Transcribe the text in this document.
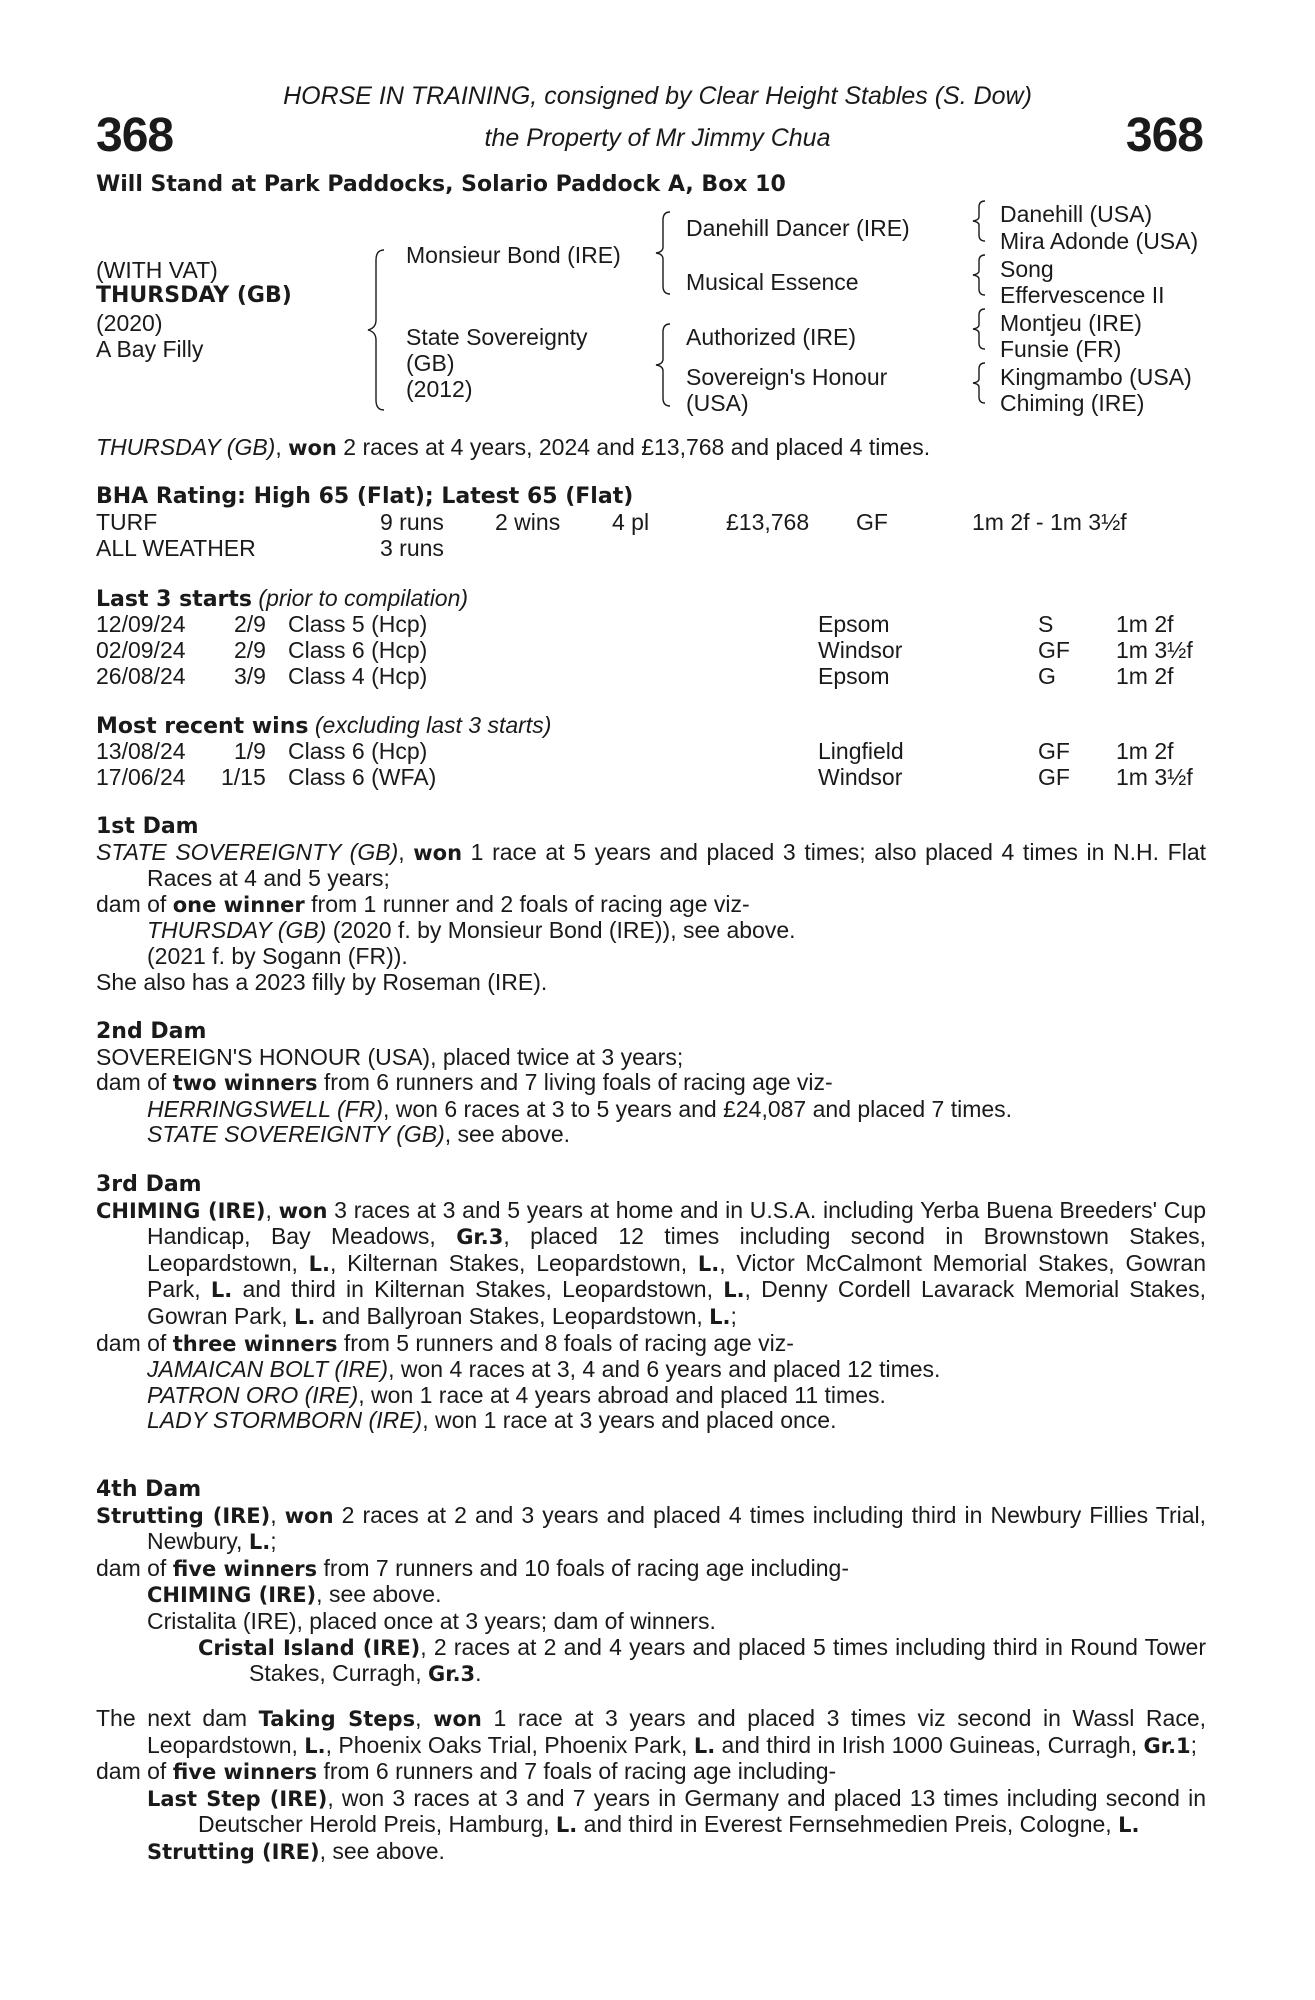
368	368
HORSE IN TRAINING, consigned by Clear Height Stables (S. Dow)
the Property of Mr Jimmy Chua
Will Stand at Park Paddocks, Solario Paddock A, Box 10
(WITH VAT)
THURSDAY (GB)
(2020)
A Bay Filly
Monsieur Bond (IRE)
State Sovereignty
(GB)
(2012)
Danehill Dancer (IRE)
Musical Essence
Authorized (IRE)
Sovereign's Honour
(USA)
Danehill (USA)
Mira Adonde (USA)
Song
Effervescence II
Montjeu (IRE)
Funsie (FR)
Kingmambo (USA)
Chiming (IRE)
THURSDAY (GB), won 2 races at 4 years, 2024 and £13,768 and placed 4 times.
BHA Rating: High 65 (Flat); Latest 65 (Flat)
TURF	9 runs 2 wins 4 pl	£13,768 GF	1m 2f - 1m 3½f
ALL WEATHER	3 runs
Last 3 starts (prior to compilation)
12/09/24 2/9 Class 5 (Hcp)	Epsom	S	1m 2f
02/09/24 2/9 Class 6 (Hcp)	Windsor	GF 1m 3½f
26/08/24 3/9 Class 4 (Hcp)	Epsom	G	1m 2f
Most recent wins (excluding last 3 starts)
13/08/24 1/9 Class 6 (Hcp)	Lingfield	GF 1m 2f
17/06/24 1/15 Class 6 (WFA)	Windsor	GF 1m 3½f

1st Dam

STATE SOVEREIGNTY (GB), won 1 race at 5 years and placed 3 times; also placed 4 times in N.H. Flat Races at 4 and 5 years;

dam of one winner from 1 runner and 2 foals of racing age viz-

THURSDAY (GB) (2020 f. by Monsieur Bond (IRE)), see above.

(2021 f. by Sogann (FR)).

She also has a 2023 filly by Roseman (IRE).

2nd Dam

SOVEREIGN'S HONOUR (USA), placed twice at 3 years;

dam of two winners from 6 runners and 7 living foals of racing age viz-

HERRINGSWELL (FR), won 6 races at 3 to 5 years and £24,087 and placed 7 times.

STATE SOVEREIGNTY (GB), see above.

3rd Dam

CHIMING (IRE), won 3 races at 3 and 5 years at home and in U.S.A. including Yerba Buena Breeders' Cup Handicap, Bay Meadows, Gr.3, placed 12 times including second in Brownstown Stakes, Leopardstown, L., Kilternan Stakes, Leopardstown, L., Victor McCalmont Memorial Stakes, Gowran Park, L. and third in Kilternan Stakes, Leopardstown, L., Denny Cordell Lavarack Memorial Stakes, Gowran Park, L. and Ballyroan Stakes, Leopardstown, L.;

dam of three winners from 5 runners and 8 foals of racing age viz-

JAMAICAN BOLT (IRE), won 4 races at 3, 4 and 6 years and placed 12 times.

PATRON ORO (IRE), won 1 race at 4 years abroad and placed 11 times.

LADY STORMBORN (IRE), won 1 race at 3 years and placed once.

4th Dam

Strutting (IRE), won 2 races at 2 and 3 years and placed 4 times including third in Newbury Fillies Trial, Newbury, L.;

dam of five winners from 7 runners and 10 foals of racing age including-

CHIMING (IRE), see above.

Cristalita (IRE), placed once at 3 years; dam of winners.

Cristal Island (IRE), 2 races at 2 and 4 years and placed 5 times including third in Round Tower Stakes, Curragh, Gr.3.

The next dam Taking Steps, won 1 race at 3 years and placed 3 times viz second in Wassl Race, Leopardstown, L., Phoenix Oaks Trial, Phoenix Park, L. and third in Irish 1000 Guineas, Curragh, Gr.1;

dam of five winners from 6 runners and 7 foals of racing age including-

Last Step (IRE), won 3 races at 3 and 7 years in Germany and placed 13 times including second in Deutscher Herold Preis, Hamburg, L. and third in Everest Fernsehmedien Preis, Cologne, L.

Strutting (IRE), see above.
